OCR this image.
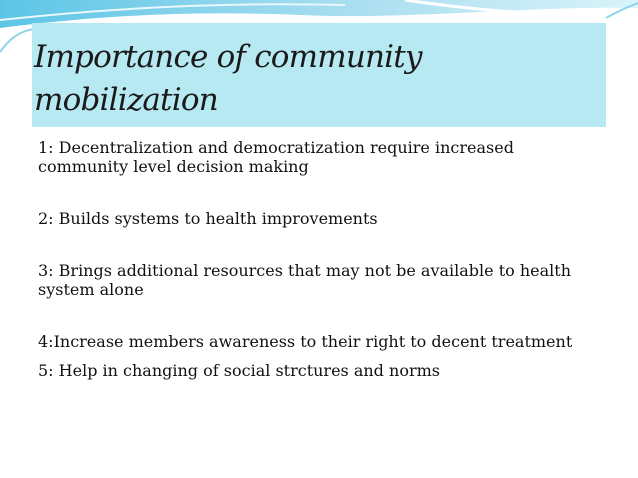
Importance of community mobilization
1: Decentralization and democratization require increased community level decision making
2: Builds systems to health improvements
3: Brings additional resources that may not be available to health system alone
4:Increase members awareness to their right to decent treatment
5: Help in changing of social strctures and norms
